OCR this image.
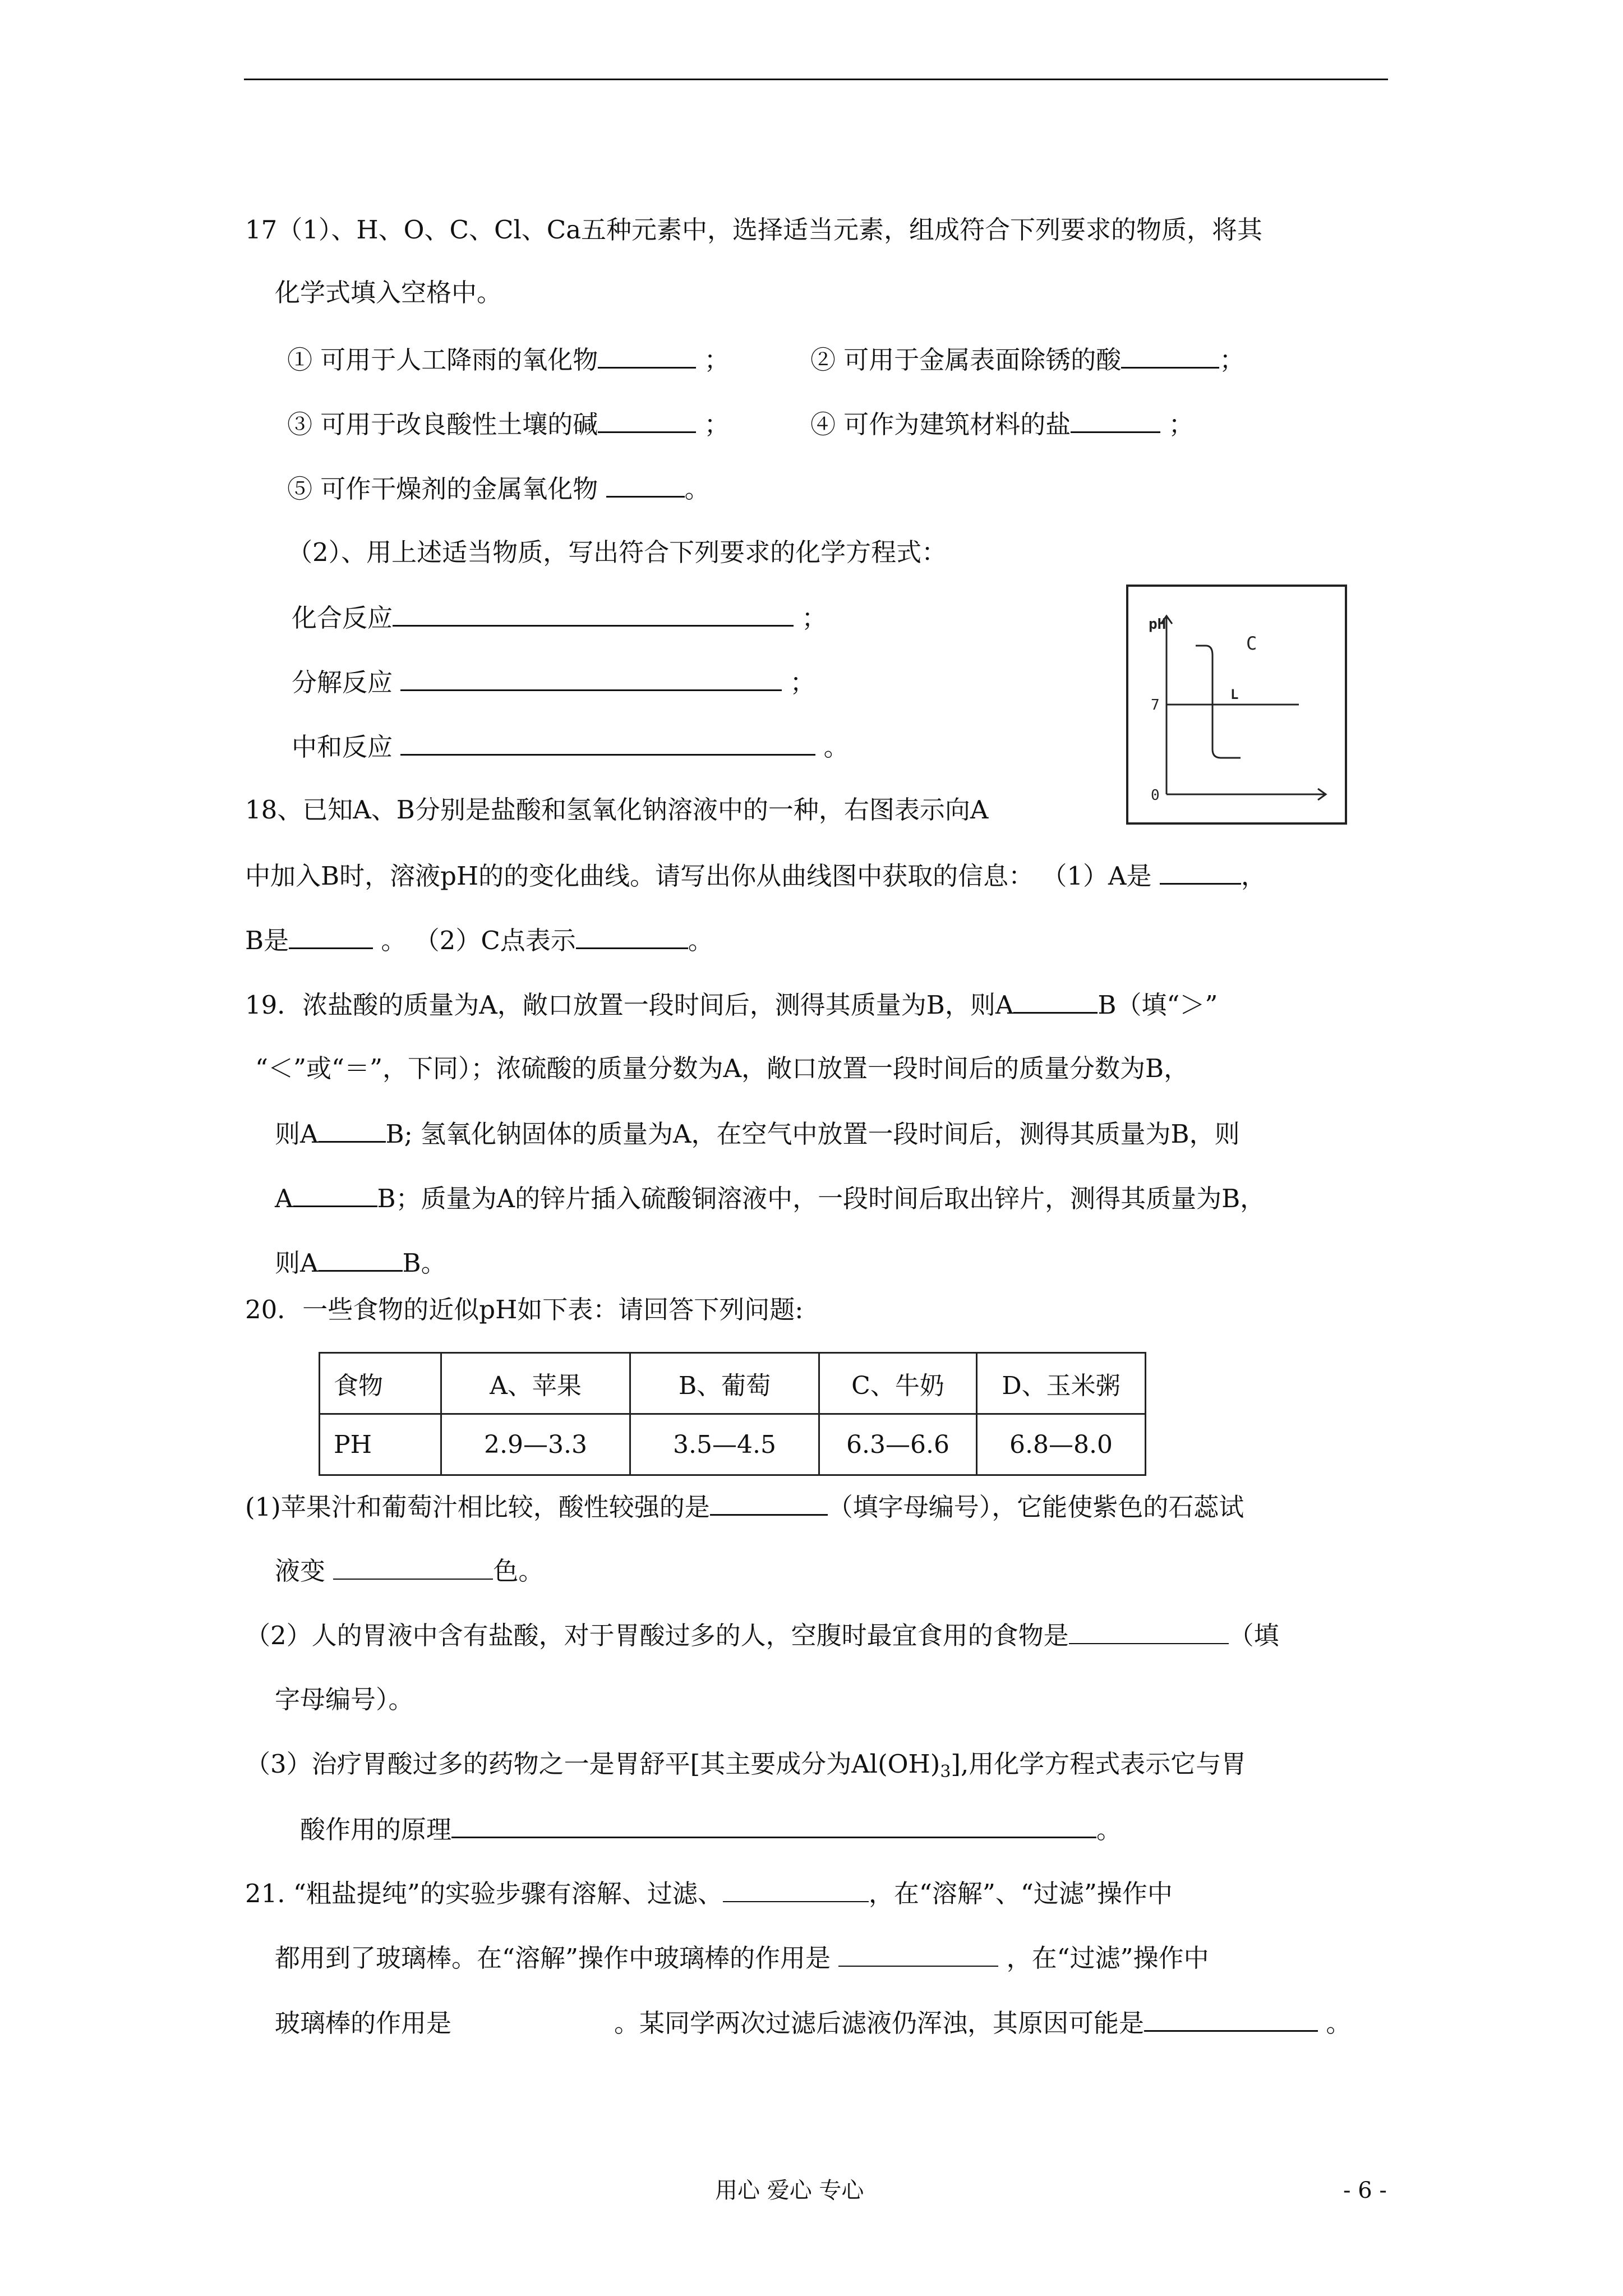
17（1）、H、O、C、Cl、Ca五种元素中，选择适当元素，组成符合下列要求的物质，将其
化学式填入空格中。
① 可用于人工降雨的氧化物	；	② 可用于金属表面除锈的酸	；
③ 可用于改良酸性土壤的碱	；	④ 可作为建筑材料的盐	；
⑤ 可作干燥剂的金属氧化物	。
（2）、用上述适当物质，写出符合下列要求的化学方程式：
化合反应	；
分解反应	；
中和反应	。
pH
C
L
7
0
18、已知A、B分别是盐酸和氢氧化钠溶液中的一种，右图表示向A
中加入B时，溶液pH的的变化曲线。请写出你从曲线图中获取的信息： （1）A是	，
B是	。 （2）C点表示	。
19．浓盐酸的质量为A，敞口放置一段时间后，测得其质量为B，则A	B（填“＞”
“＜”或“＝”，下同）；浓硫酸的质量分数为A，敞口放置一段时间后的质量分数为B，
则A	B; 氢氧化钠固体的质量为A，在空气中放置一段时间后，测得其质量为B，则
A	B；质量为A的锌片插入硫酸铜溶液中，一段时间后取出锌片，测得其质量为B，
则A	B。
20．一些食物的近似pH如下表：请回答下列问题:
食物	A、苹果	B、葡萄	C、牛奶	D、玉米粥
PH	2.9—3.3	3.5—4.5	6.3—6.6	6.8—8.0
(1)苹果汁和葡萄汁相比较，酸性较强的是	（填字母编号），它能使紫色的石蕊试
液变	色。
（2）人的胃液中含有盐酸，对于胃酸过多的人，空腹时最宜食用的食物是	（填
字母编号）。
（3）治疗胃酸过多的药物之一是胃舒平[其主要成分为$Al(OH)_3$],用化学方程式表示它与胃
酸作用的原理	。
21. “粗盐提纯”的实验步骤有溶解、过滤、	，在“溶解”、“过滤”操作中
都用到了玻璃棒。在“溶解”操作中玻璃棒的作用是	，在“过滤”操作中
玻璃棒的作用是	。某同学两次过滤后滤液仍浑浊，其原因可能是	。
用心 爱心 专心	- 6 -
